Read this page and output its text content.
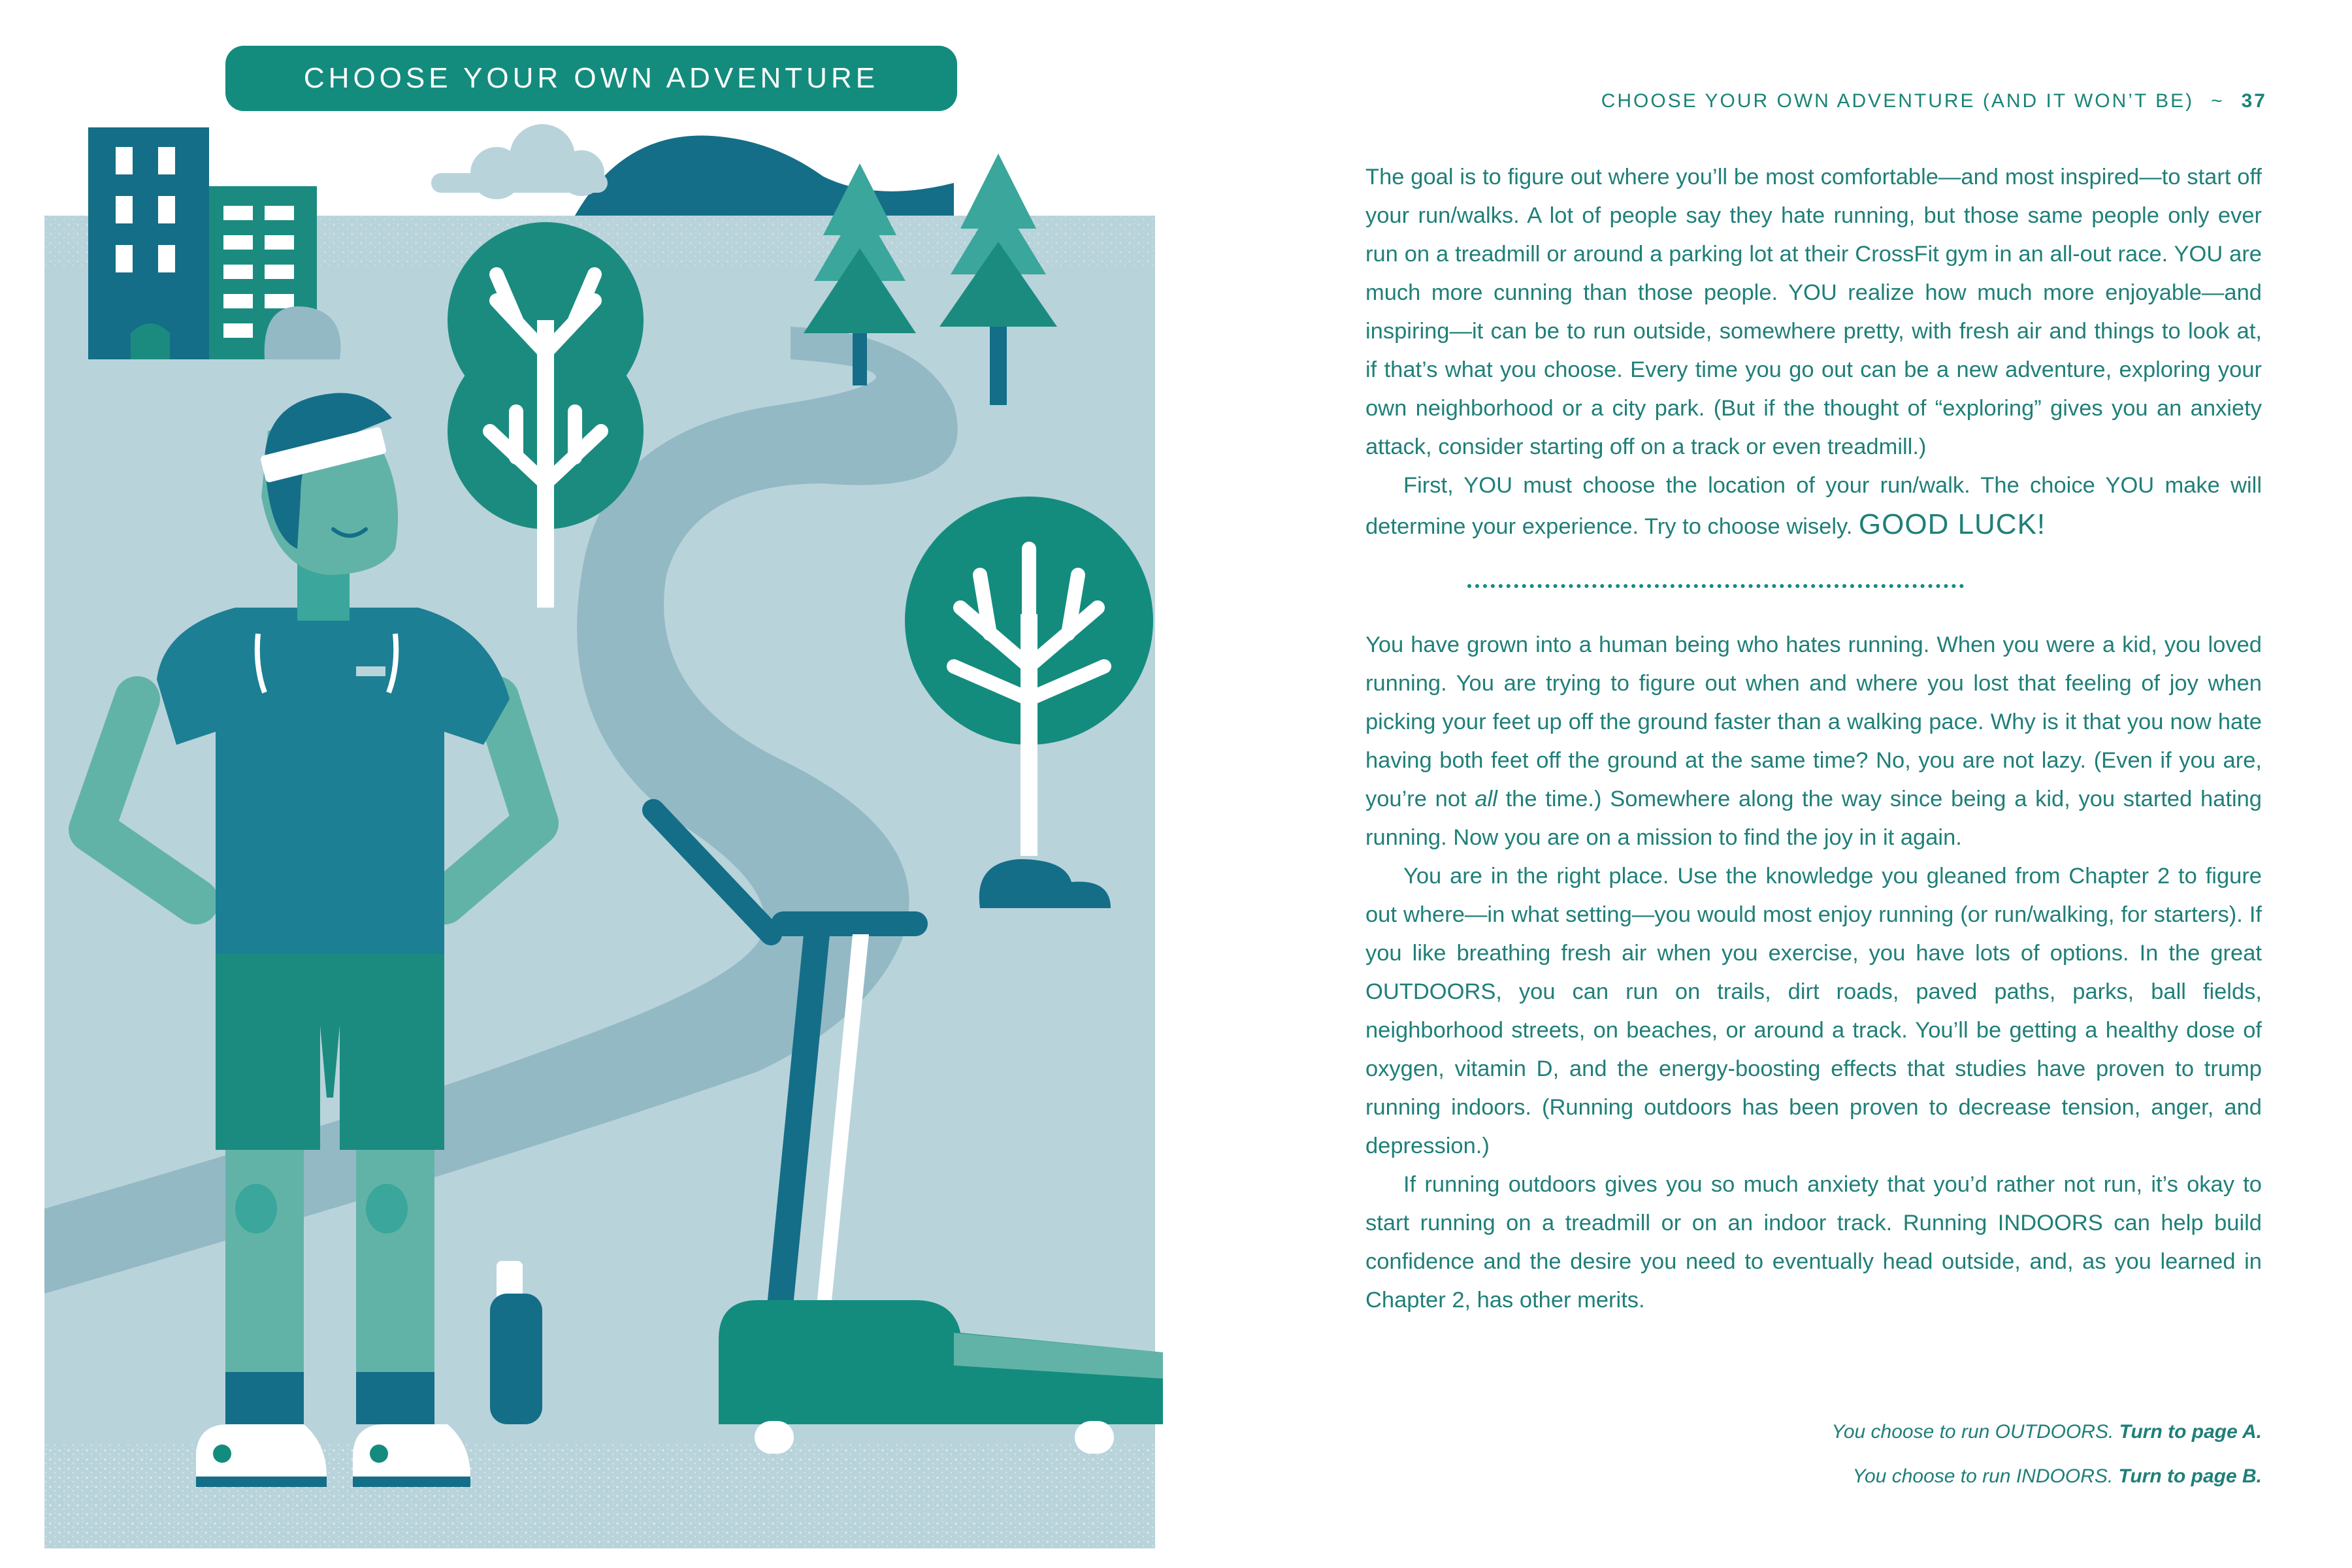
CHOOSE YOUR OWN ADVENTURE
CHOOSE YOUR OWN ADVENTURE (AND IT WON’T BE) ~ 37

The goal is to figure out where you’ll be most comfortable—and most inspired—to start off your run/walks. A lot of people say they hate running, but those same people only ever run on a treadmill or around a parking lot at their CrossFit gym in an all-out race. YOU are much more cunning than those people. YOU realize how much more enjoyable—and inspiring—it can be to run outside, somewhere pretty, with fresh air and things to look at, if that’s what you choose. Every time you go out can be a new adventure, exploring your own neighborhood or a city park. (But if the thought of “exploring” gives you an anxiety attack, consider starting off on a track or even treadmill.)

First, YOU must choose the location of your run/walk. The choice YOU make will determine your experience. Try to choose wisely. GOOD LUCK!

You have grown into a human being who hates running. When you were a kid, you loved running. You are trying to figure out when and where you lost that feeling of joy when picking your feet up off the ground faster than a walking pace. Why is it that you now hate having both feet off the ground at the same time? No, you are not lazy. (Even if you are, you’re not all the time.) Somewhere along the way since being a kid, you started hating running. Now you are on a mission to find the joy in it again.

You are in the right place. Use the knowledge you gleaned from Chapter 2 to figure out where—in what setting—you would most enjoy running (or run/walking, for starters). If you like breathing fresh air when you exercise, you have lots of options. In the great OUTDOORS, you can run on trails, dirt roads, paved paths, parks, ball fields, neighborhood streets, on beaches, or around a track. You’ll be getting a healthy dose of oxygen, vitamin D, and the energy-boosting effects that studies have proven to trump running indoors. (Running outdoors has been proven to decrease tension, anger, and depression.)

If running outdoors gives you so much anxiety that you’d rather not run, it’s okay to start running on a treadmill or on an indoor track. Running INDOORS can help build confidence and the desire you need to eventually head outside, and, as you learned in Chapter 2, has other merits.

You choose to run OUTDOORS. Turn to page A.
You choose to run INDOORS. Turn to page B.
